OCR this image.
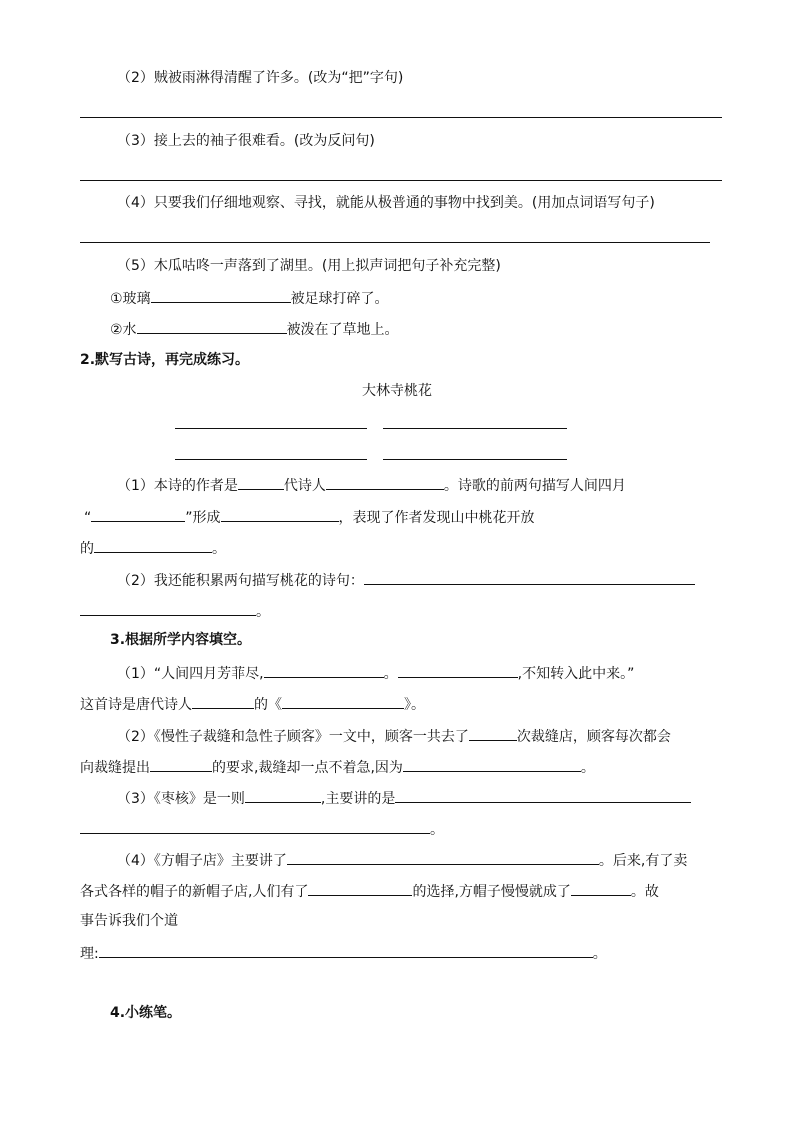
（2）贼被雨淋得清醒了许多。(改为“把”字句)
（3）接上去的袖子很难看。(改为反问句)
（4）只要我们仔细地观察、寻找，就能从极普通的事物中找到美。(用加点词语写句子)
（5）木瓜咕咚一声落到了湖里。(用上拟声词把句子补充完整)
①玻璃	被足球打碎了。
②水	被泼在了草地上。
2.默写古诗，再完成练习。
大林寺桃花
（1）本诗的作者是	代诗人	。诗歌的前两句描写人间四月
“	”形成	，表现了作者发现山中桃花开放
的	。
（2）我还能积累两句描写桃花的诗句：
。
3.根据所学内容填空。
（1）“人间四月芳菲尽,	。	,不知转入此中来。”
这首诗是唐代诗人	的《	》。
（2）《慢性子裁缝和急性子顾客》一文中，顾客一共去了	次裁缝店，顾客每次都会
向裁缝提出	的要求,裁缝却一点不着急,因为	。
（3）《枣核》是一则	,主要讲的是
。
（4）《方帽子店》主要讲了	。后来,有了卖
各式各样的帽子的新帽子店,人们有了	的选择,方帽子慢慢就成了	。故
事告诉我们个道
理:	。
4.小练笔。
